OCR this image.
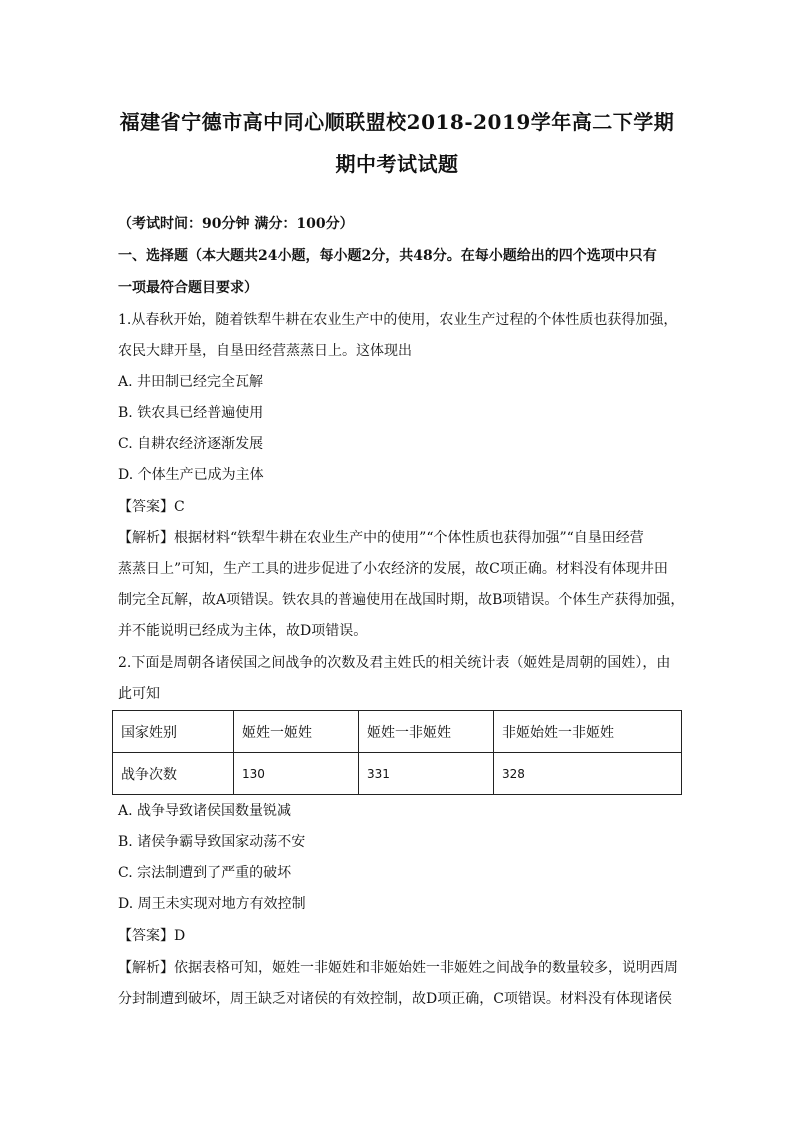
福建省宁德市高中同心顺联盟校2018-2019学年高二下学期
期中考试试题
（考试时间：90分钟 满分：100分）
一、选择题（本大题共24小题，每小题2分，共48分。在每小题给出的四个选项中只有
一项最符合题目要求）
1.从春秋开始，随着铁犁牛耕在农业生产中的使用，农业生产过程的个体性质也获得加强，
农民大肆开垦，自垦田经营蒸蒸日上。这体现出
A. 井田制已经完全瓦解
B. 铁农具已经普遍使用
C. 自耕农经济逐渐发展
D. 个体生产已成为主体
【答案】C
【解析】根据材料“铁犁牛耕在农业生产中的使用”“个体性质也获得加强”“自垦田经营
蒸蒸日上”可知，生产工具的进步促进了小农经济的发展，故C项正确。材料没有体现井田
制完全瓦解，故A项错误。铁农具的普遍使用在战国时期，故B项错误。个体生产获得加强，
并不能说明已经成为主体，故D项错误。
2.下面是周朝各诸侯国之间战争的次数及君主姓氏的相关统计表（姬姓是周朝的国姓），由
此可知
国家姓别	姬姓一姬姓	姬姓一非姬姓	非姬始姓一非姬姓
战争次数	130	331	328
A. 战争导致诸侯国数量锐减
B. 诸侯争霸导致国家动荡不安
C. 宗法制遭到了严重的破坏
D. 周王未实现对地方有效控制
【答案】D
【解析】依据表格可知，姬姓一非姬姓和非姬始姓一非姬姓之间战争的数量较多，说明西周
分封制遭到破坏，周王缺乏对诸侯的有效控制，故D项正确，C项错误。材料没有体现诸侯
